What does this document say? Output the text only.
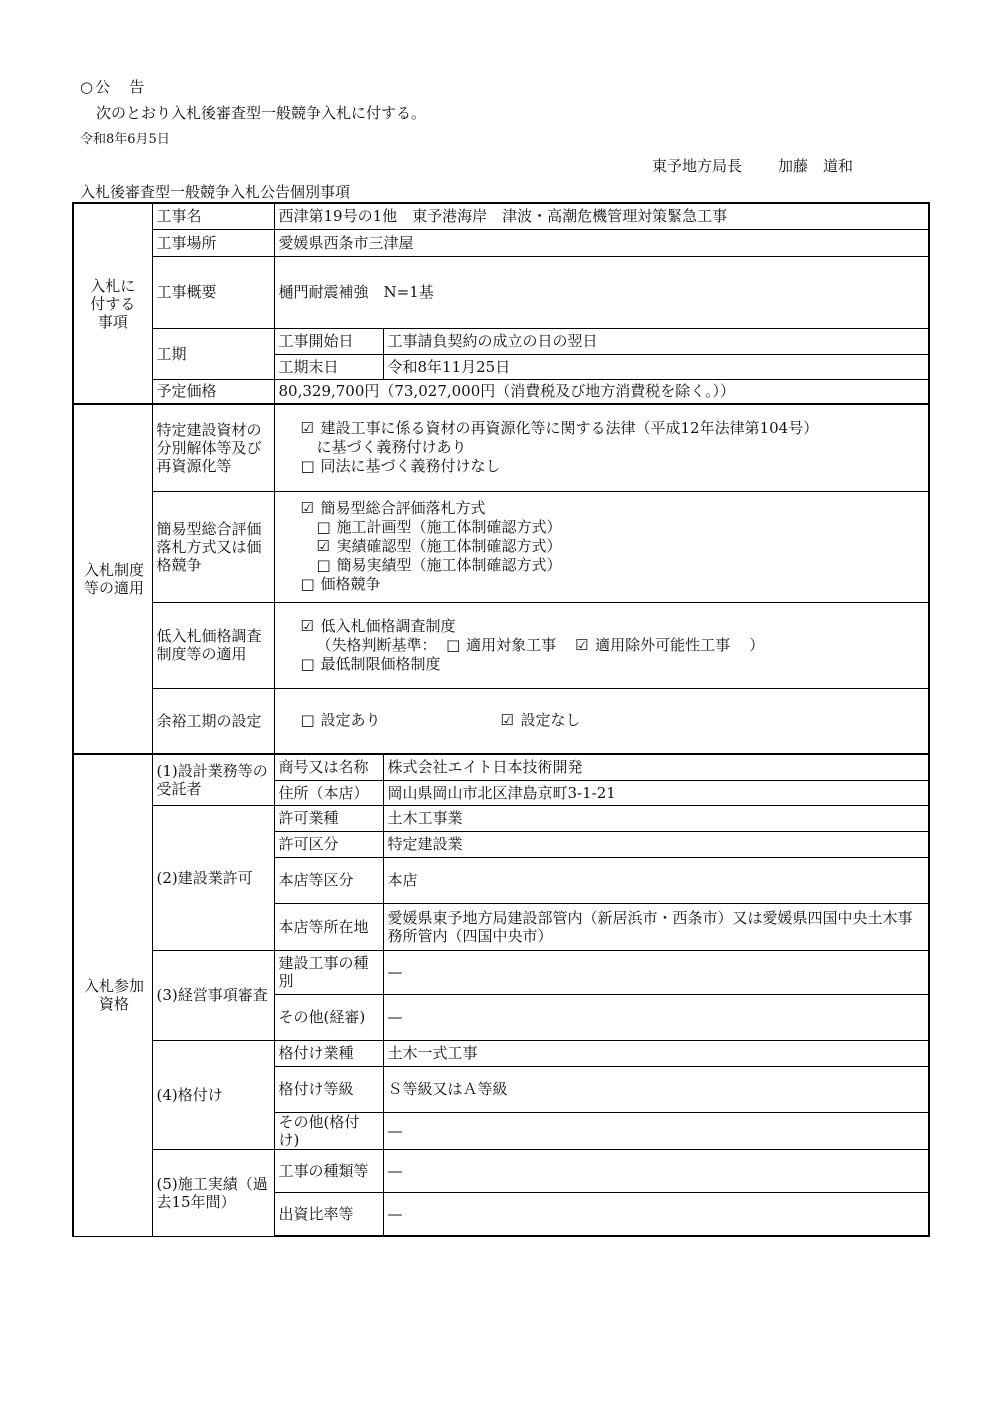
○公　告
次のとおり入札後審査型一般競争入札に付する。
令和8年6月5日
東予地方局長 加藤　道和
入札後審査型一般競争入札公告個別事項
入札に付する事項	工事名	西津第19号の1他　東予港海岸　津波・高潮危機管理対策緊急工事	
	工事場所	愛媛県西条市三津屋	
	工事概要	樋門耐震補強　N=1基	
	工期	工事開始日	工事請負契約の成立の日の翌日
		工期末日	令和8年11月25日
	予定価格	80,329,700円（73,027,000円（消費税及び地方消費税を除く。））	

入札制度等の適用	特定建設資材の分別解体等及び再資源化等	☑ 建設工事に係る資材の再資源化等に関する法律（平成12年法律第104号）
に基づく義務付けあり
□ 同法に基づく義務付けなし	

	簡易型総合評価落札方式又は価格競争	☑ 簡易型総合評価落札方式
□ 施工計画型（施工体制確認方式）
☑ 実績確認型（施工体制確認方式）
□ 簡易実績型（施工体制確認方式）
□ 価格競争	

	低入札価格調査制度等の適用	☑ 低入札価格調査制度
（失格判断基準： □ 適用対象工事 ☑ 適用除外可能性工事 ）
□ 最低制限価格制度	

	余裕工期の設定	□ 設定あり ☑ 設定なし	

入札参加資格	(1)設計業務等の受託者	商号又は名称	株式会社エイト日本技術開発
		住所（本店）	岡山県岡山市北区津島京町3-1-21
	(2)建設業許可	許可業種	土木工事業
		許可区分	特定建設業
		本店等区分	本店
		本店等所在地	愛媛県東予地方局建設部管内（新居浜市・西条市）又は愛媛県四国中央土木事務所管内（四国中央市）
	(3)経営事項審査	建設工事の種別	—
		その他(経審)	—
	(4)格付け	格付け業種	土木一式工事
		格付け等級	Ｓ等級又はＡ等級
		その他(格付け)	—
	(5)施工実績（過去15年間）	工事の種類等	—
		出資比率等	—
